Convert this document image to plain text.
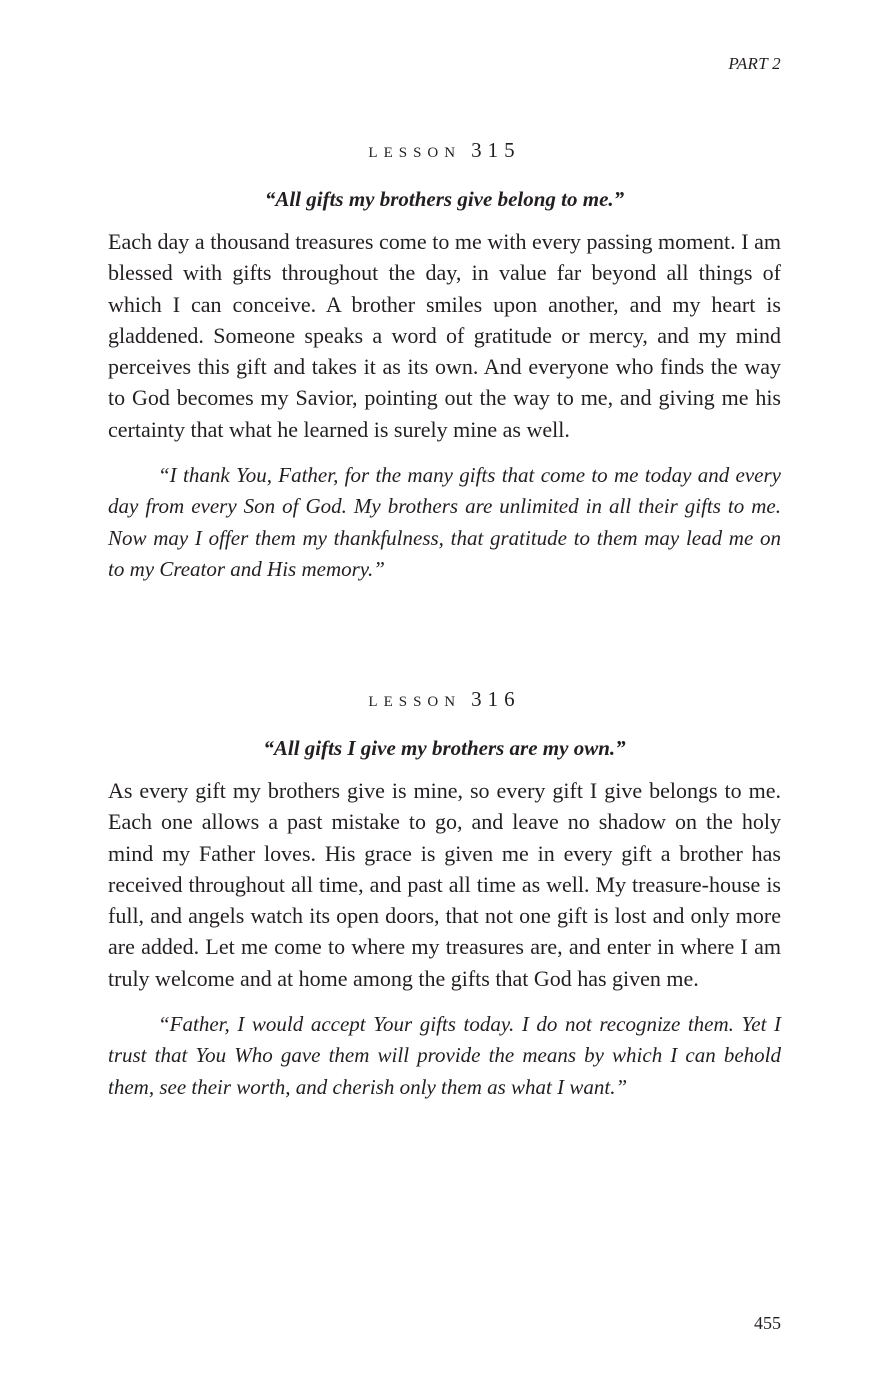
PART 2
lesson 315

“All gifts my brothers give belong to me.”

Each day a thousand treasures come to me with every passing moment. I am blessed with gifts throughout the day, in value far beyond all things of which I can conceive. A brother smiles upon another, and my heart is gladdened. Someone speaks a word of gratitude or mercy, and my mind perceives this gift and takes it as its own. And everyone who finds the way to God becomes my Savior, pointing out the way to me, and giving me his certainty that what he learned is surely mine as well.

“I thank You, Father, for the many gifts that come to me today and every day from every Son of God. My brothers are unlimited in all their gifts to me. Now may I offer them my thankfulness, that gratitude to them may lead me on to my Creator and His memory.”

lesson 316

“All gifts I give my brothers are my own.”

As every gift my brothers give is mine, so every gift I give belongs to me. Each one allows a past mistake to go, and leave no shadow on the holy mind my Father loves. His grace is given me in every gift a brother has received throughout all time, and past all time as well. My treasure-house is full, and angels watch its open doors, that not one gift is lost and only more are added. Let me come to where my treasures are, and enter in where I am truly welcome and at home among the gifts that God has given me.

“Father, I would accept Your gifts today. I do not recognize them. Yet I trust that You Who gave them will provide the means by which I can behold them, see their worth, and cherish only them as what I want.”

455
